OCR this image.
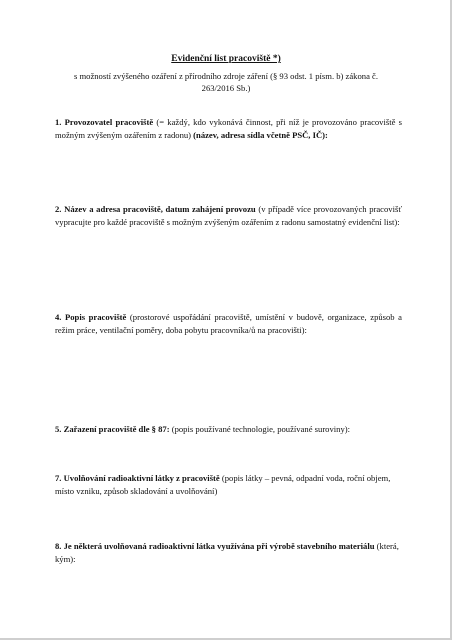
Evidenční list pracoviště *)
s možností zvýšeného ozáření z přírodního zdroje záření (§ 93 odst. 1 písm. b) zákona č. 263/2016 Sb.)
1. Provozovatel pracoviště (= každý, kdo vykonává činnost, při níž je provozováno pracoviště s možným zvýšeným ozářením z radonu) (název, adresa sídla včetně PSČ, IČ):
2. Název a adresa pracoviště, datum zahájení provozu (v případě více provozovaných pracovišť vypracujte pro každé pracoviště s možným zvýšeným ozářením z radonu samostatný evidenční list):
4. Popis pracoviště (prostorové uspořádání pracoviště, umístění v budově, organizace, způsob a režim práce, ventilační poměry, doba pobytu pracovníka/ů na pracovišti):
5. Zařazení pracoviště dle § 87: (popis používané technologie, používané suroviny):
7. Uvolňování radioaktivní látky z pracoviště (popis látky – pevná, odpadní voda, roční objem, místo vzniku, způsob skladování a uvolňování)
8. Je některá uvolňovaná radioaktivní látka využívána při výrobě stavebního materiálu (která, kým):
